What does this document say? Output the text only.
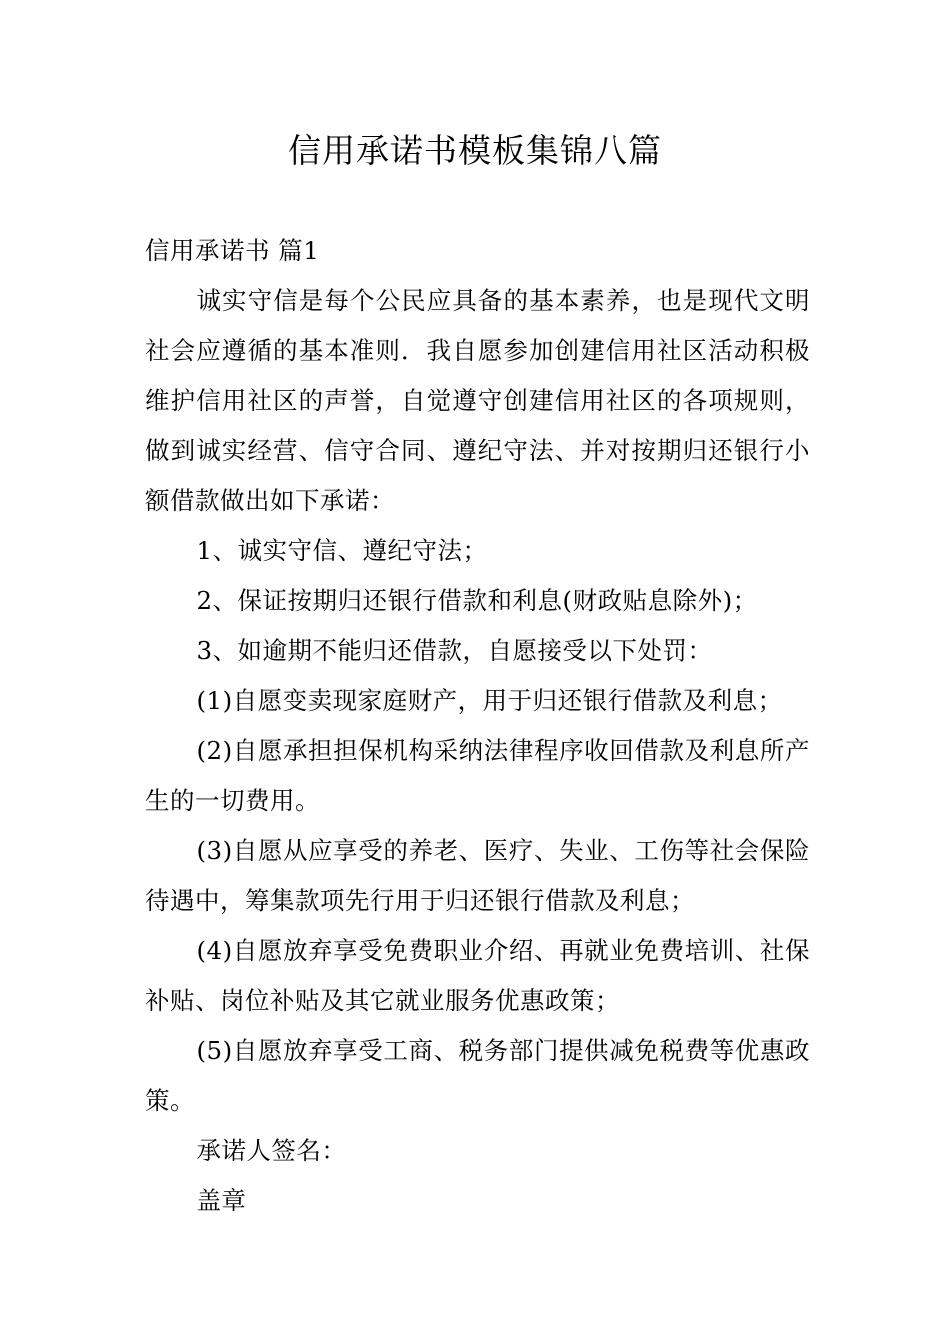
信用承诺书模板集锦八篇

信用承诺书 篇1

诚实守信是每个公民应具备的基本素养，也是现代文明社会应遵循的基本准则．我自愿参加创建信用社区活动积极维护信用社区的声誉，自觉遵守创建信用社区的各项规则，做到诚实经营、信守合同、遵纪守法、并对按期归还银行小额借款做出如下承诺：

1、诚实守信、遵纪守法；

2、保证按期归还银行借款和利息(财政贴息除外)；

3、如逾期不能归还借款，自愿接受以下处罚：

(1)自愿变卖现家庭财产，用于归还银行借款及利息；

(2)自愿承担担保机构采纳法律程序收回借款及利息所产生的一切费用。

(3)自愿从应享受的养老、医疗、失业、工伤等社会保险待遇中，筹集款项先行用于归还银行借款及利息；

(4)自愿放弃享受免费职业介绍、再就业免费培训、社保补贴、岗位补贴及其它就业服务优惠政策；

(5)自愿放弃享受工商、税务部门提供减免税费等优惠政策。

承诺人签名：

盖章
